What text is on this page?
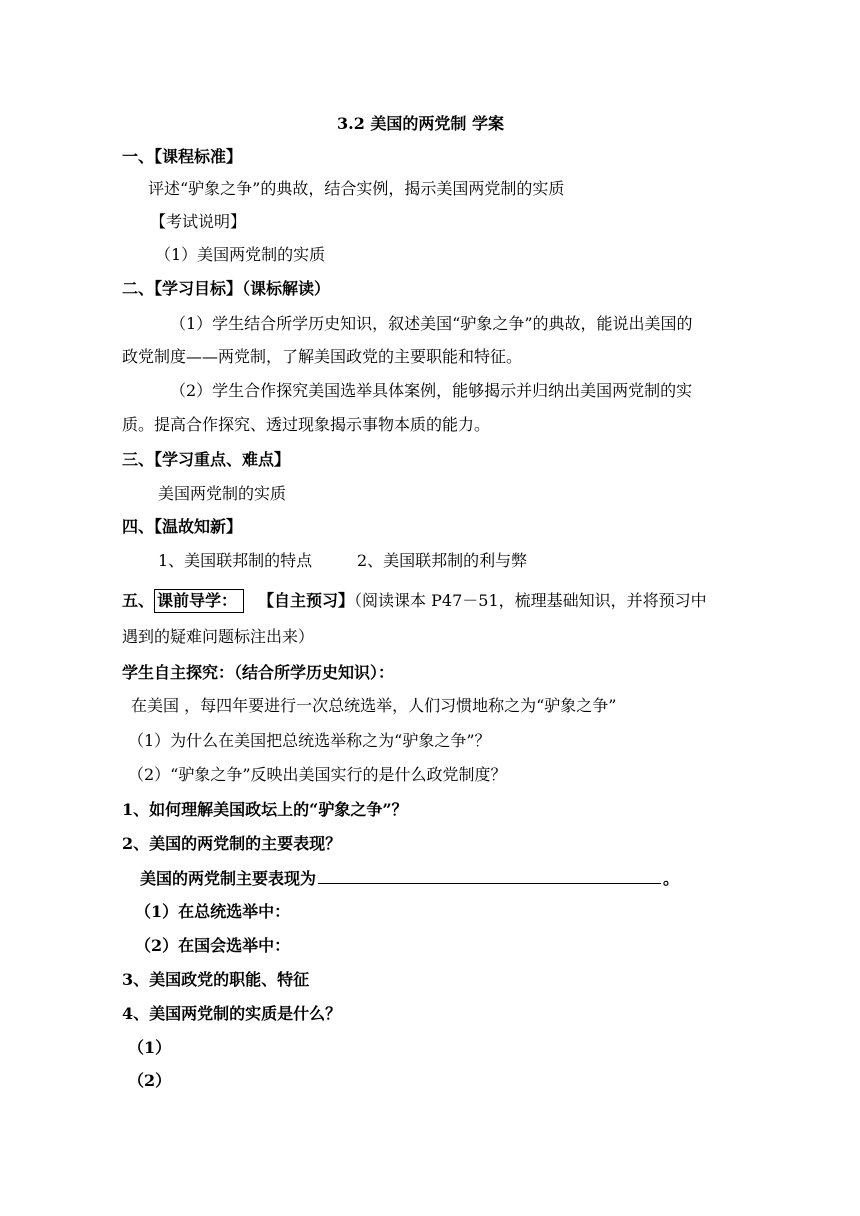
3.2 美国的两党制 学案
一、【课程标准】
评述“驴象之争”的典故，结合实例，揭示美国两党制的实质
【考试说明】
（1）美国两党制的实质
二、【学习目标】（课标解读）
（1）学生结合所学历史知识，叙述美国“驴象之争”的典故，能说出美国的
政党制度——两党制，了解美国政党的主要职能和特征。
（2）学生合作探究美国选举具体案例，能够揭示并归纳出美国两党制的实
质。提高合作探究、透过现象揭示事物本质的能力。
三、【学习重点、难点】
美国两党制的实质
四、【温故知新】
1、美国联邦制的特点	2、美国联邦制的利与弊
五、 课前导学： 【自主预习】（阅读课本 P47－51，梳理基础知识，并将预习中
遇到的疑难问题标注出来）
学生自主探究：（结合所学历史知识）：
在美国 ，每四年要进行一次总统选举，人们习惯地称之为“驴象之争”
（1）为什么在美国把总统选举称之为“驴象之争”？
（2）“驴象之争”反映出美国实行的是什么政党制度？
1、如何理解美国政坛上的“驴象之争”？
2、美国的两党制的主要表现？
美国的两党制主要表现为	。
（1）在总统选举中：
（2）在国会选举中：
3、美国政党的职能、特征
4、美国两党制的实质是什么？
（1）
（2）
